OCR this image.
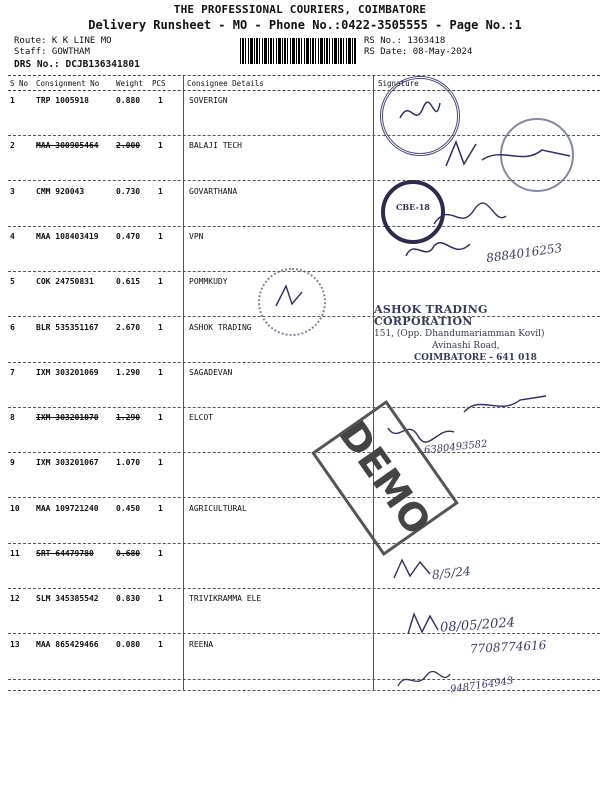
THE PROFESSIONAL COURIERS, COIMBATORE
Delivery Runsheet - MO - Phone No.:0422-3505555 - Page No.:1
Route: K K LINE MO
Staff: GOWTHAM
DRS No.: DCJB136341801
RS No.: 1363418
RS Date: 08-May-2024
S No Consignment No Weight PCS	Consignee Details	Signature
1	TRP 1005918	0.880 1	SOVERIGN
2	MAA 300905464 2.000 1	BALAJI TECH
3	CMM 920043	0.730 1	GOVARTHANA
4	MAA 108403419 0.470 1	VPN
5	COK 24750831	0.615 1	POMMKUDY
6	BLR 535351167 2.670 1	ASHOK TRADING
7	IXM 303201069 1.290 1	SAGADEVAN
8	IXM 303201070 1.290 1	ELCOT
9	IXM 303201067 1.070 1
10 MAA 109721240 0.450 1	AGRICULTURAL
11 SRT 64479780	0.680 1
12 SLM 345385542 0.830 1	TRIVIKRAMMA ELE
13 MAA 865429466 0.080 1	REENA
CBE-18
8884016253
ASHOK TRADING CORPORATION
151, (Opp. Dhandumariamman Kovil)
Avinashi Road,
COIMBATORE - 641 018
6380493582
DEMO
8/5/24
08/05/2024
7708774616
9487164943
